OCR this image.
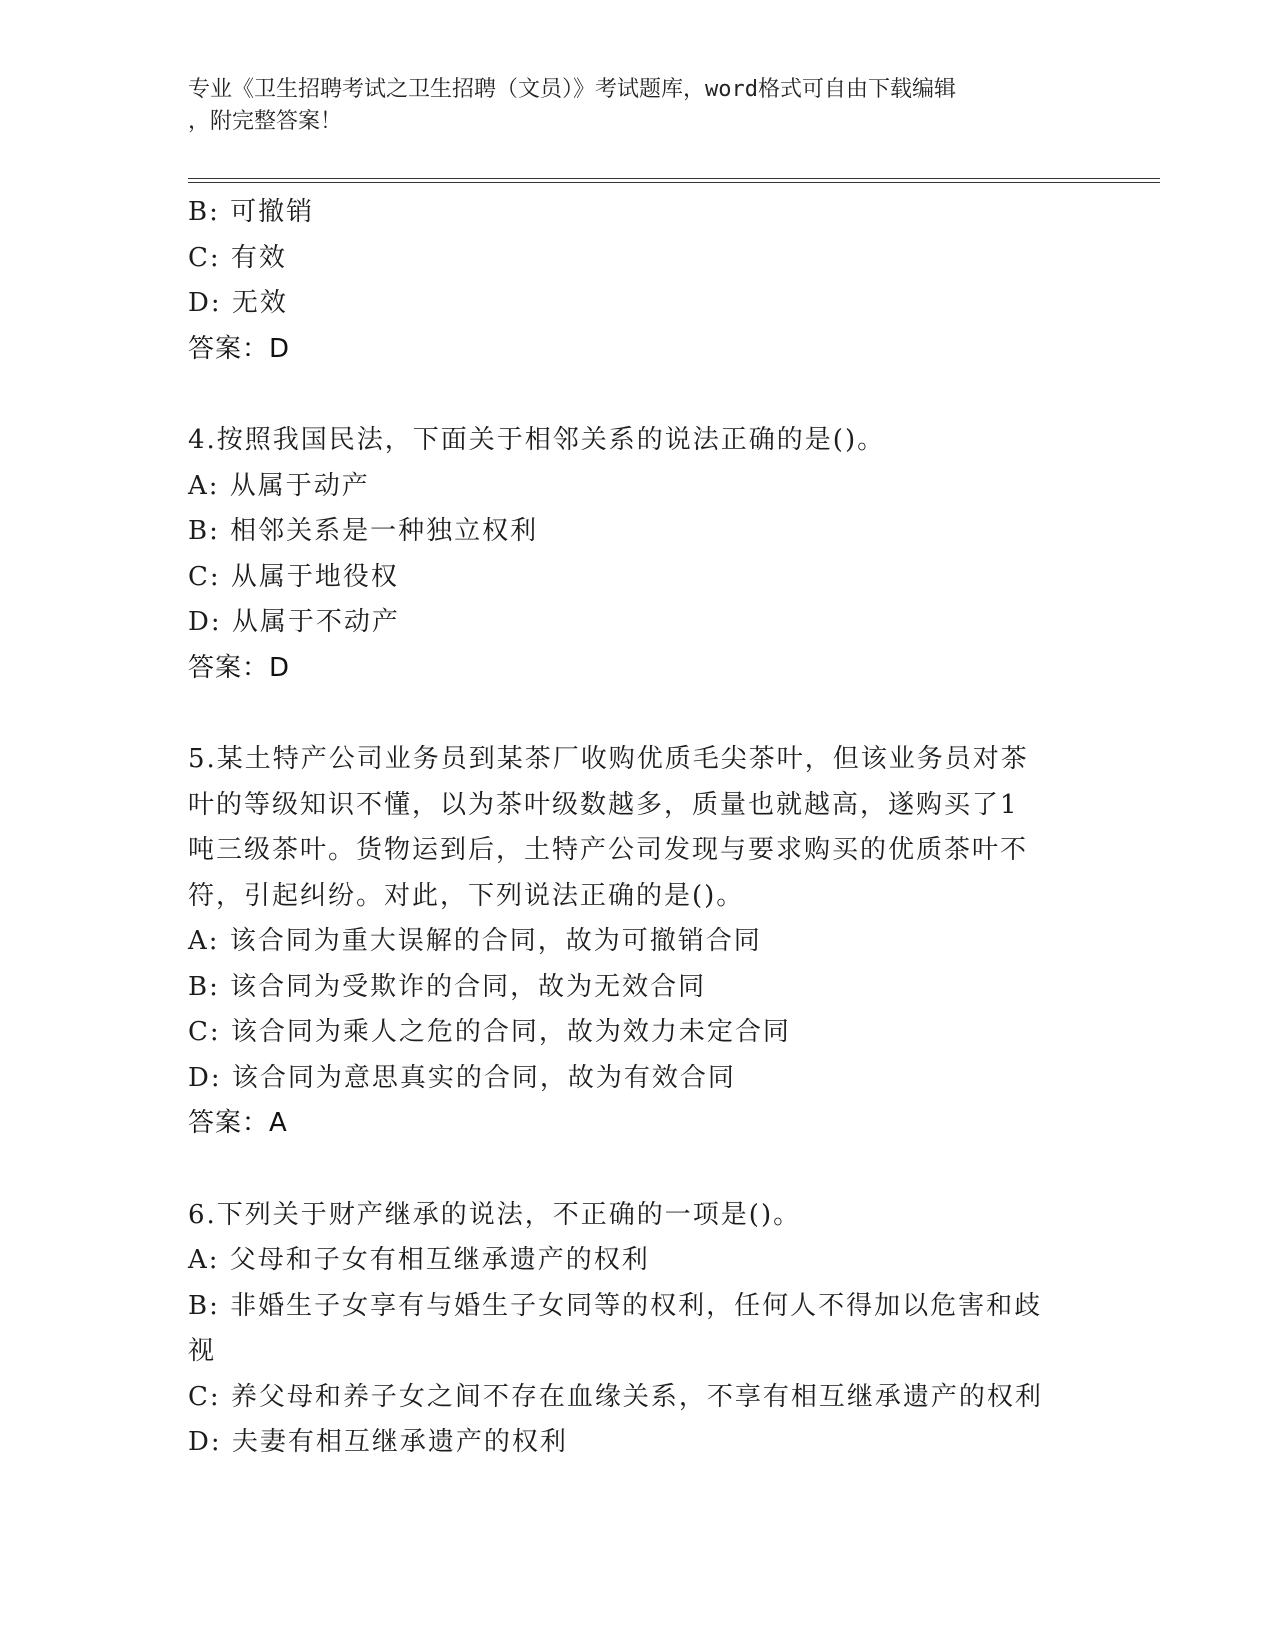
专业《卫生招聘考试之卫生招聘（文员）》考试题库，word格式可自由下载编辑
，附完整答案！
B: 可撤销
C: 有效
D: 无效
答案：D
4.按照我国民法，下面关于相邻关系的说法正确的是()。
A: 从属于动产
B: 相邻关系是一种独立权利
C: 从属于地役权
D: 从属于不动产
答案：D
5.某土特产公司业务员到某茶厂收购优质毛尖茶叶，但该业务员对茶
叶的等级知识不懂，以为茶叶级数越多，质量也就越高，遂购买了1
吨三级茶叶。货物运到后，土特产公司发现与要求购买的优质茶叶不
符，引起纠纷。对此，下列说法正确的是()。
A: 该合同为重大误解的合同，故为可撤销合同
B: 该合同为受欺诈的合同，故为无效合同
C: 该合同为乘人之危的合同，故为效力未定合同
D: 该合同为意思真实的合同，故为有效合同
答案：A
6.下列关于财产继承的说法，不正确的一项是()。
A: 父母和子女有相互继承遗产的权利
B: 非婚生子女享有与婚生子女同等的权利，任何人不得加以危害和歧
视
C: 养父母和养子女之间不存在血缘关系，不享有相互继承遗产的权利
D: 夫妻有相互继承遗产的权利
